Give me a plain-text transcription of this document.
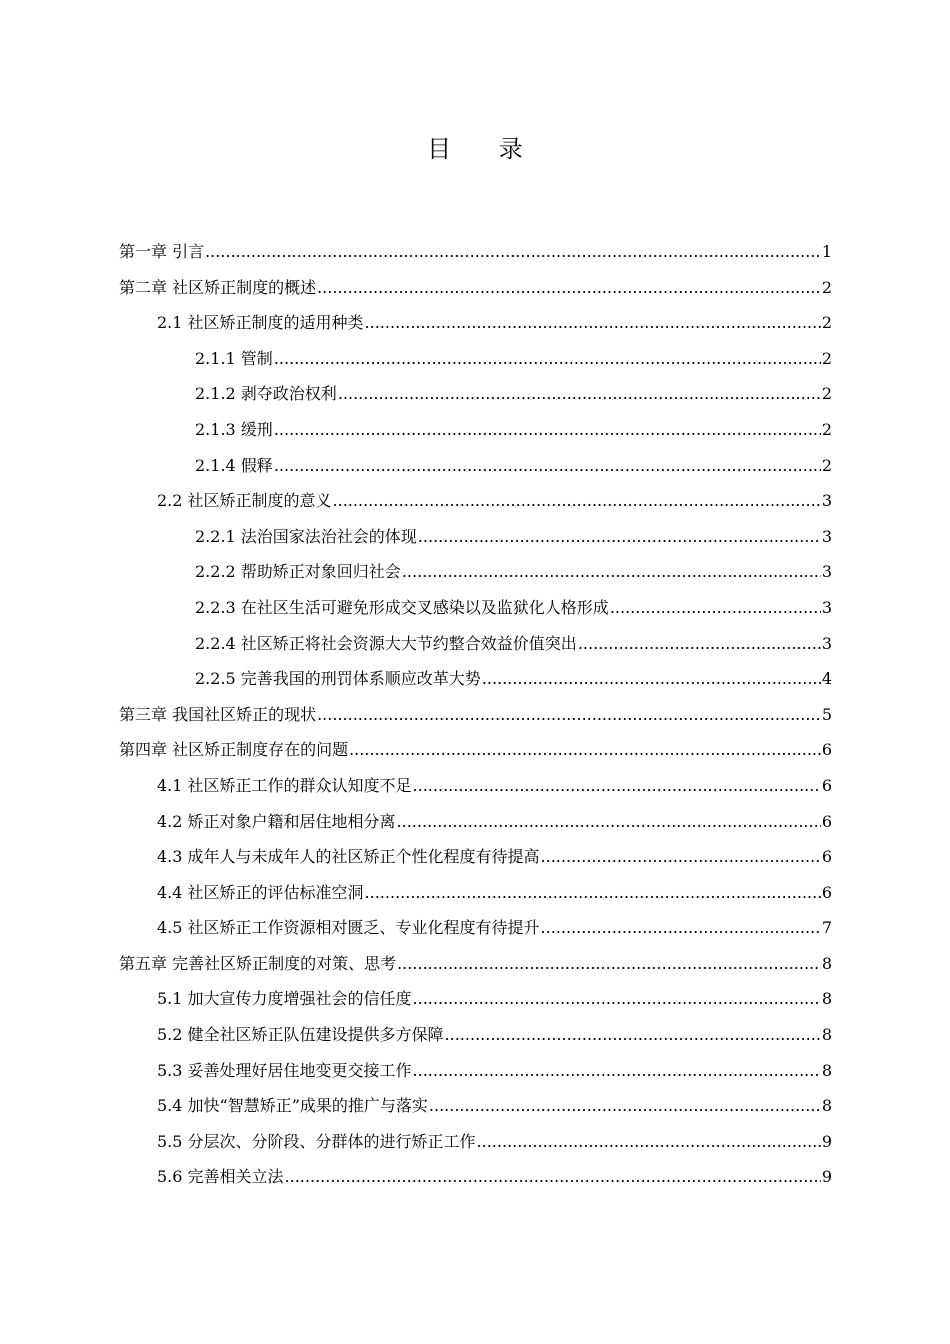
目 录
第一章 引言 .....	1
第二章 社区矫正制度的概述 .....	2
2.1 社区矫正制度的适用种类 .....	2
2.1.1 管制 .....	2
2.1.2 剥夺政治权利 .....	2
2.1.3 缓刑 .....	2
2.1.4 假释 .....	2
2.2 社区矫正制度的意义 .....	3
2.2.1 法治国家法治社会的体现 .....	3
2.2.2 帮助矫正对象回归社会 .....	3
2.2.3 在社区生活可避免形成交叉感染以及监狱化人格形成 .....	3
2.2.4 社区矫正将社会资源大大节约整合效益价值突出 .....	3
2.2.5 完善我国的刑罚体系顺应改革大势 .....	4
第三章 我国社区矫正的现状 .....	5
第四章 社区矫正制度存在的问题 .....	6
4.1 社区矫正工作的群众认知度不足 .....	6
4.2 矫正对象户籍和居住地相分离 .....	6
4.3 成年人与未成年人的社区矫正个性化程度有待提高 .....	6
4.4 社区矫正的评估标准空洞 .....	6
4.5 社区矫正工作资源相对匮乏、专业化程度有待提升 .....	7
第五章 完善社区矫正制度的对策、思考 .....	8
5.1 加大宣传力度增强社会的信任度 .....	8
5.2 健全社区矫正队伍建设提供多方保障 .....	8
5.3 妥善处理好居住地变更交接工作 .....	8
5.4 加快“智慧矫正”成果的推广与落实 .....	8
5.5 分层次、分阶段、分群体的进行矫正工作 .....	9
5.6 完善相关立法 .....	9
